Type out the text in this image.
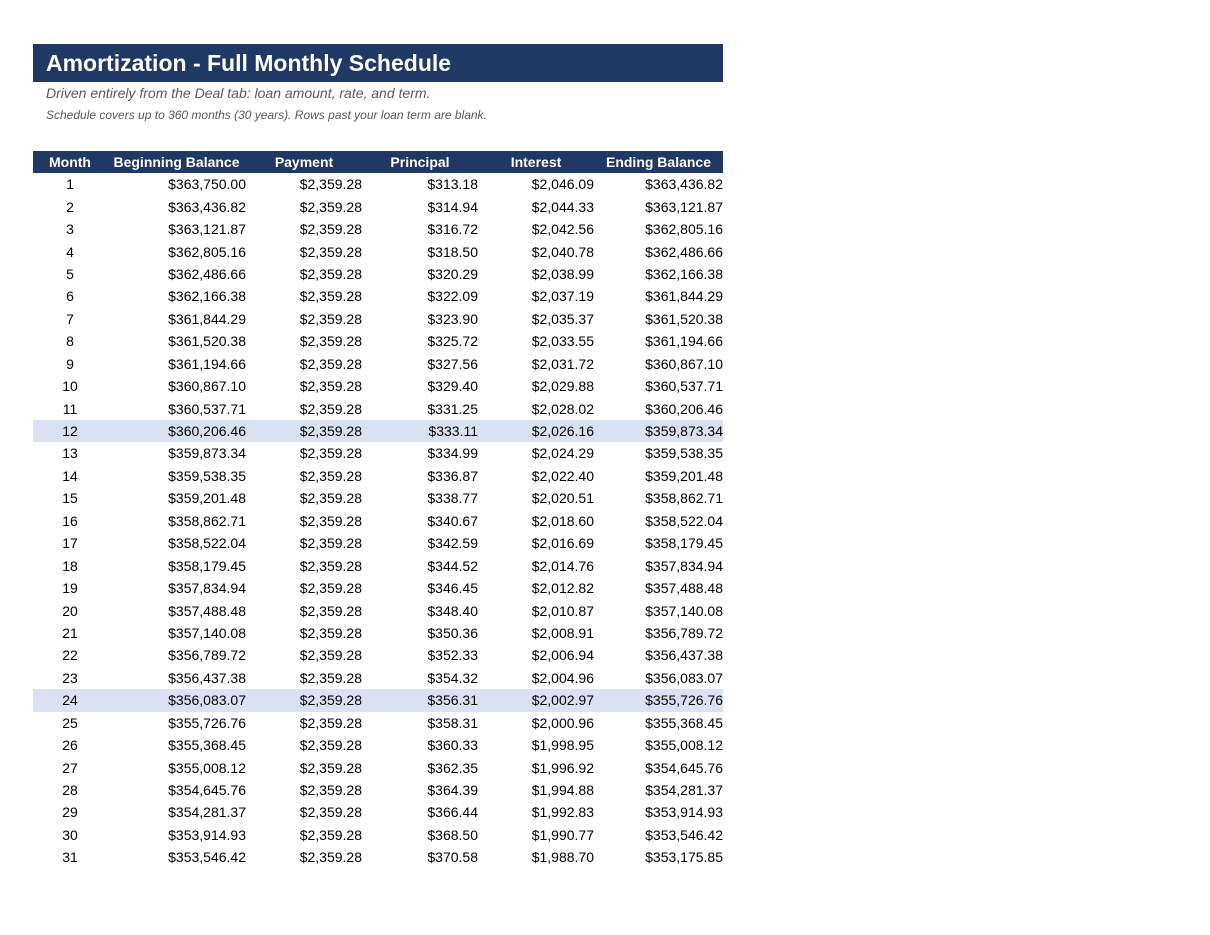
Amortization - Full Monthly Schedule
Driven entirely from the Deal tab: loan amount, rate, and term.
Schedule covers up to 360 months (30 years). Rows past your loan term are blank.
Month	Beginning Balance	Payment	Principal	Interest	Ending Balance
1	$363,750.00	$2,359.28	$313.18	$2,046.09	$363,436.82
2	$363,436.82	$2,359.28	$314.94	$2,044.33	$363,121.87
3	$363,121.87	$2,359.28	$316.72	$2,042.56	$362,805.16
4	$362,805.16	$2,359.28	$318.50	$2,040.78	$362,486.66
5	$362,486.66	$2,359.28	$320.29	$2,038.99	$362,166.38
6	$362,166.38	$2,359.28	$322.09	$2,037.19	$361,844.29
7	$361,844.29	$2,359.28	$323.90	$2,035.37	$361,520.38
8	$361,520.38	$2,359.28	$325.72	$2,033.55	$361,194.66
9	$361,194.66	$2,359.28	$327.56	$2,031.72	$360,867.10
10	$360,867.10	$2,359.28	$329.40	$2,029.88	$360,537.71
11	$360,537.71	$2,359.28	$331.25	$2,028.02	$360,206.46
12	$360,206.46	$2,359.28	$333.11	$2,026.16	$359,873.34
13	$359,873.34	$2,359.28	$334.99	$2,024.29	$359,538.35
14	$359,538.35	$2,359.28	$336.87	$2,022.40	$359,201.48
15	$359,201.48	$2,359.28	$338.77	$2,020.51	$358,862.71
16	$358,862.71	$2,359.28	$340.67	$2,018.60	$358,522.04
17	$358,522.04	$2,359.28	$342.59	$2,016.69	$358,179.45
18	$358,179.45	$2,359.28	$344.52	$2,014.76	$357,834.94
19	$357,834.94	$2,359.28	$346.45	$2,012.82	$357,488.48
20	$357,488.48	$2,359.28	$348.40	$2,010.87	$357,140.08
21	$357,140.08	$2,359.28	$350.36	$2,008.91	$356,789.72
22	$356,789.72	$2,359.28	$352.33	$2,006.94	$356,437.38
23	$356,437.38	$2,359.28	$354.32	$2,004.96	$356,083.07
24	$356,083.07	$2,359.28	$356.31	$2,002.97	$355,726.76
25	$355,726.76	$2,359.28	$358.31	$2,000.96	$355,368.45
26	$355,368.45	$2,359.28	$360.33	$1,998.95	$355,008.12
27	$355,008.12	$2,359.28	$362.35	$1,996.92	$354,645.76
28	$354,645.76	$2,359.28	$364.39	$1,994.88	$354,281.37
29	$354,281.37	$2,359.28	$366.44	$1,992.83	$353,914.93
30	$353,914.93	$2,359.28	$368.50	$1,990.77	$353,546.42
31	$353,546.42	$2,359.28	$370.58	$1,988.70	$353,175.85
